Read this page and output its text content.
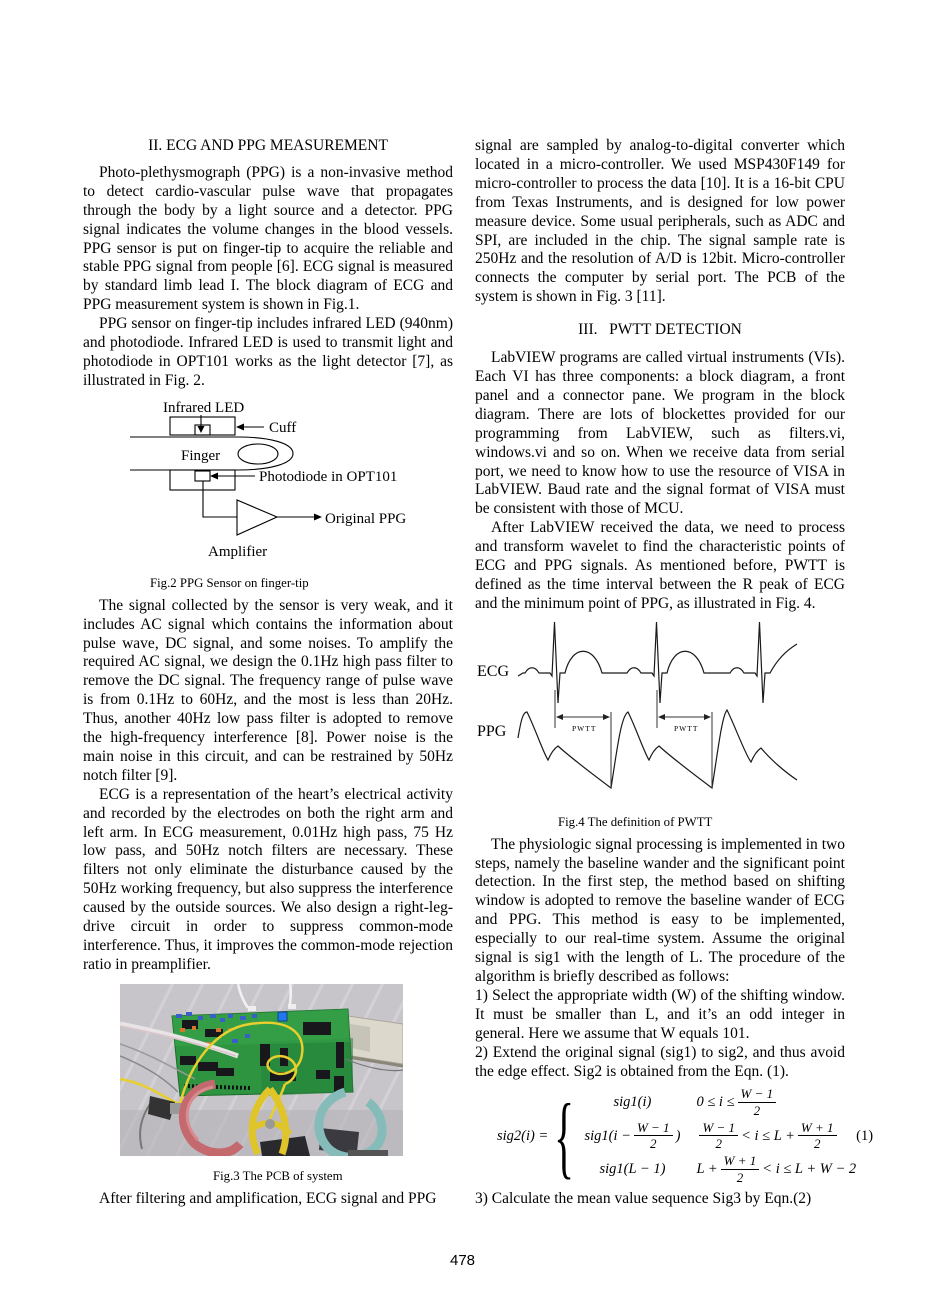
II. ECG AND PPG MEASUREMENT

Photo-plethysmograph (PPG) is a non-invasive method to detect cardio-vascular pulse wave that propagates through the body by a light source and a detector. PPG signal indicates the volume changes in the blood vessels. PPG sensor is put on finger-tip to acquire the reliable and stable PPG signal from people [6]. ECG signal is measured by standard limb lead I. The block diagram of ECG and PPG measurement system is shown in Fig.1.

PPG sensor on finger-tip includes infrared LED (940nm) and photodiode. Infrared LED is used to transmit light and photodiode in OPT101 works as the light detector [7], as illustrated in Fig. 2.

Infrared LED
Cuff
Finger
Photodiode in OPT101
Original PPG
Amplifier
Fig.2 PPG Sensor on finger-tip

The signal collected by the sensor is very weak, and it includes AC signal which contains the information about pulse wave, DC signal, and some noises. To amplify the required AC signal, we design the 0.1Hz high pass filter to remove the DC signal. The frequency range of pulse wave is from 0.1Hz to 60Hz, and the most is less than 20Hz. Thus, another 40Hz low pass filter is adopted to remove the high-frequency interference [8]. Power noise is the main noise in this circuit, and can be restrained by 50Hz notch filter [9].

ECG is a representation of the heart’s electrical activity and recorded by the electrodes on both the right arm and left arm. In ECG measurement, 0.01Hz high pass, 75 Hz low pass, and 50Hz notch filters are necessary. These filters not only eliminate the disturbance caused by the 50Hz working frequency, but also suppress the interference caused by the outside sources. We also design a right-leg-drive circuit in order to suppress common-mode interference. Thus, it improves the common-mode rejection ratio in preamplifier.

Fig.3 The PCB of system

After filtering and amplification, ECG signal and PPG

signal are sampled by analog-to-digital converter which located in a micro-controller. We used MSP430F149 for micro-controller to process the data [10]. It is a 16-bit CPU from Texas Instruments, and is designed for low power measure device. Some usual peripherals, such as ADC and SPI, are included in the chip. The signal sample rate is 250Hz and the resolution of A/D is 12bit. Micro-controller connects the computer by serial port. The PCB of the system is shown in Fig. 3 [11].

III.   PWTT DETECTION

LabVIEW programs are called virtual instruments (VIs). Each VI has three components: a block diagram, a front panel and a connector pane. We program in the block diagram. There are lots of blockettes provided for our programming from LabVIEW, such as filters.vi, windows.vi and so on. When we receive data from serial port, we need to know how to use the resource of VISA in LabVIEW. Baud rate and the signal format of VISA must be consistent with those of MCU.

After LabVIEW received the data, we need to process and transform wavelet to find the characteristic points of ECG and PPG signals. As mentioned before, PWTT is defined as the time interval between the R peak of ECG and the minimum point of PPG, as illustrated in Fig. 4.

ECG
PPG	PWTT	PWTT
Fig.4 The definition of PWTT

The physiologic signal processing is implemented in two steps, namely the baseline wander and the significant point detection. In the first step, the method based on shifting window is adopted to remove the baseline wander of ECG and PPG. This method is easy to be implemented, especially to our real-time system. Assume the original signal is sig1 with the length of L. The procedure of the algorithm is briefly described as follows:

1) Select the appropriate width (W) of the shifting window. It must be smaller than L, and it’s an odd integer in general. Here we assume that W equals 101.

2) Extend the original signal (sig1) to sig2, and thus avoid the edge effect. Sig2 is obtained from the Eqn. (1).

sig2(i) = {	sig1(i)	$0 \le i \le \frac{W - 1}{2}$
$sig1(i - \frac{W - 1}{2}$ ) $\frac{W - 1}{2} < i \le L + \frac{W + 1}{2}$
sig1(L − 1)	$L + \frac{W + 1}{2} < i \le L + W - 2$
(1)

3) Calculate the mean value sequence Sig3 by Eqn.(2)

478
